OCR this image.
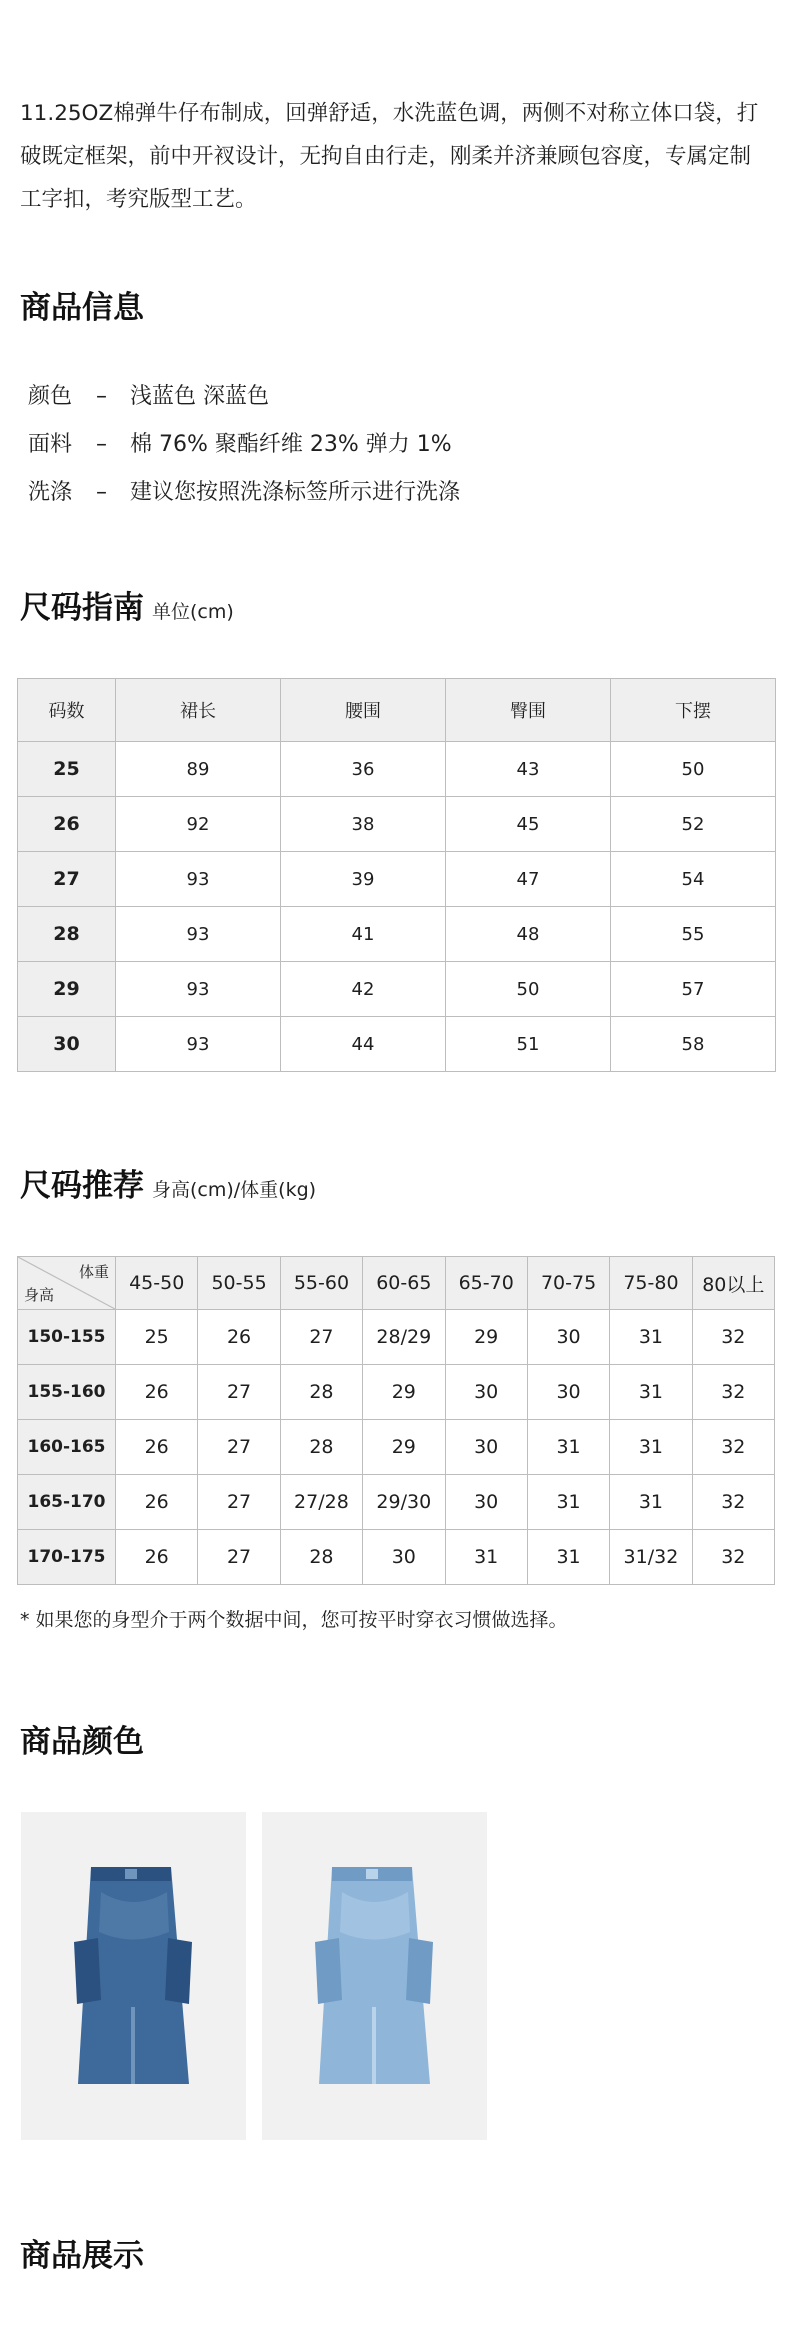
11.25OZ棉弹牛仔布制成，回弹舒适，水洗蓝色调，两侧不对称立体口袋，打破既定框架，前中开衩设计，无拘自由行走，刚柔并济兼顾包容度，专属定制工字扣，考究版型工艺。

商品信息
颜色 – 浅蓝色 深蓝色
面料 – 棉 76% 聚酯纤维 23% 弹力 1%
洗涤 – 建议您按照洗涤标签所示进行洗涤
尺码指南 单位(cm)
码数	裙长	腰围	臀围	下摆
25	89	36	43	50
26	92	38	45	52
27	93	39	47	54
28	93	41	48	55
29	93	42	50	57
30	93	44	51	58
尺码推荐 身高(cm)/体重(kg)
体重
身高	45-50	50-55	55-60	60-65	65-70	70-75	75-80	80以上
150-155	25	26	27	28/29	29	30	31	32
155-160	26	27	28	29	30	30	31	32
160-165	26	27	28	29	30	31	31	32
165-170	26	27	27/28	29/30	30	31	31	32
170-175	26	27	28	30	31	31	31/32	32

* 如果您的身型介于两个数据中间，您可按平时穿衣习惯做选择。

商品颜色
商品展示
